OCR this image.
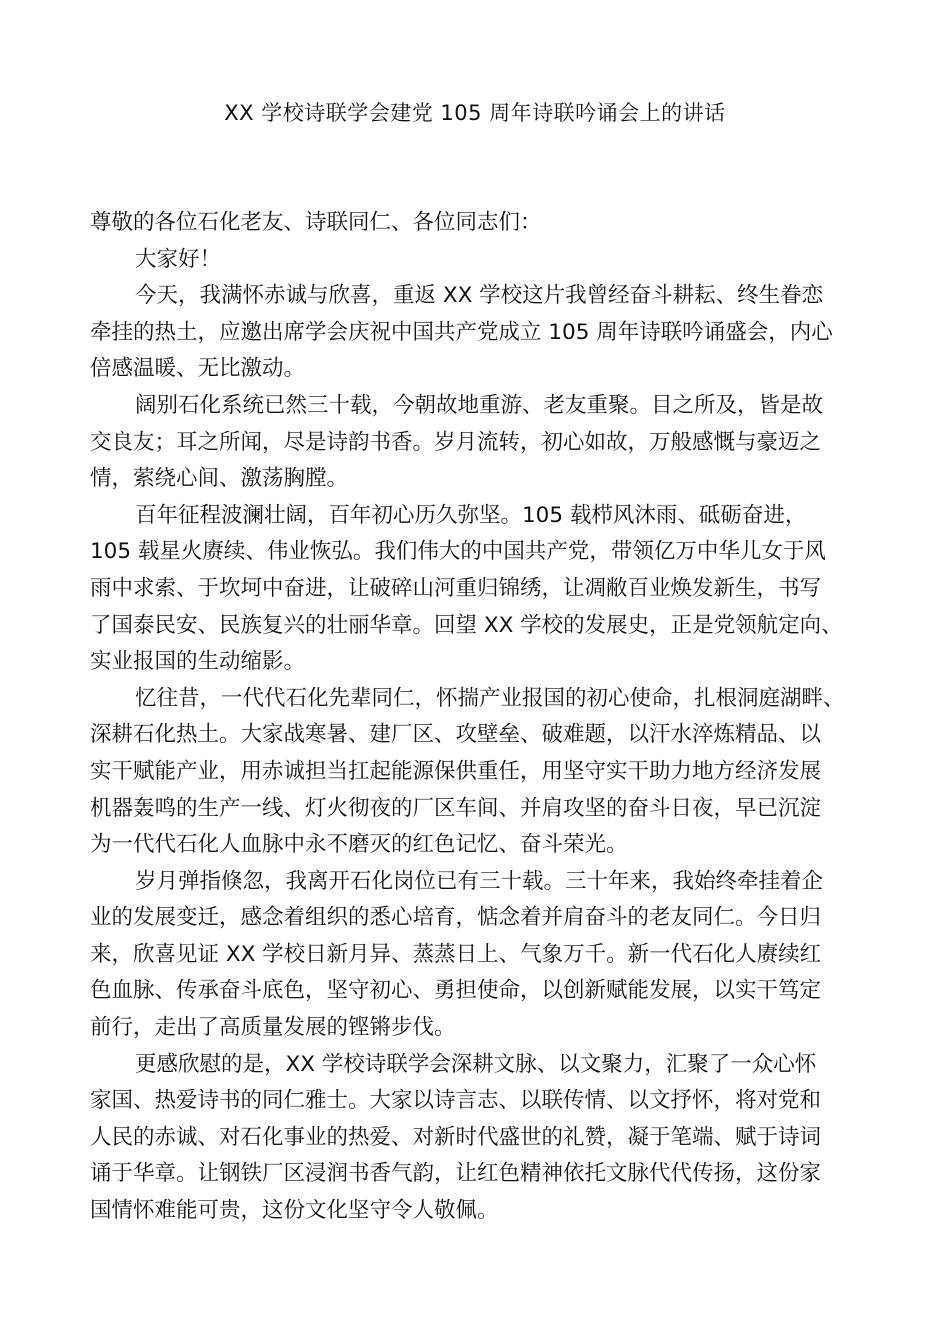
XX 学校诗联学会建党 105 周年诗联吟诵会上的讲话

尊敬的各位石化老友、诗联同仁、各位同志们：

大家好！

今天，我满怀赤诚与欣喜，重返 XX 学校这片我曾经奋斗耕耘、终生眷恋
牵挂的热土，应邀出席学会庆祝中国共产党成立 105 周年诗联吟诵盛会，内心
倍感温暖、无比激动。

阔别石化系统已然三十载，今朝故地重游、老友重聚。目之所及，皆是故
交良友；耳之所闻，尽是诗韵书香。岁月流转，初心如故，万般感慨与豪迈之
情，萦绕心间、激荡胸膛。

百年征程波澜壮阔，百年初心历久弥坚。105 载栉风沐雨、砥砺奋进，
105 载星火赓续、伟业恢弘。我们伟大的中国共产党，带领亿万中华儿女于风
雨中求索、于坎坷中奋进，让破碎山河重归锦绣，让凋敝百业焕发新生，书写
了国泰民安、民族复兴的壮丽华章。回望 XX 学校的发展史，正是党领航定向、
实业报国的生动缩影。

忆往昔，一代代石化先辈同仁，怀揣产业报国的初心使命，扎根洞庭湖畔、
深耕石化热土。大家战寒暑、建厂区、攻壁垒、破难题，以汗水淬炼精品、以
实干赋能产业，用赤诚担当扛起能源保供重任，用坚守实干助力地方经济发展
机器轰鸣的生产一线、灯火彻夜的厂区车间、并肩攻坚的奋斗日夜，早已沉淀
为一代代石化人血脉中永不磨灭的红色记忆、奋斗荣光。

岁月弹指倏忽，我离开石化岗位已有三十载。三十年来，我始终牵挂着企
业的发展变迁，感念着组织的悉心培育，惦念着并肩奋斗的老友同仁。今日归
来，欣喜见证 XX 学校日新月异、蒸蒸日上、气象万千。新一代石化人赓续红
色血脉、传承奋斗底色，坚守初心、勇担使命，以创新赋能发展，以实干笃定
前行，走出了高质量发展的铿锵步伐。

更感欣慰的是，XX 学校诗联学会深耕文脉、以文聚力，汇聚了一众心怀
家国、热爱诗书的同仁雅士。大家以诗言志、以联传情、以文抒怀，将对党和
人民的赤诚、对石化事业的热爱、对新时代盛世的礼赞，凝于笔端、赋于诗词
诵于华章。让钢铁厂区浸润书香气韵，让红色精神依托文脉代代传扬，这份家
国情怀难能可贵，这份文化坚守令人敬佩。
